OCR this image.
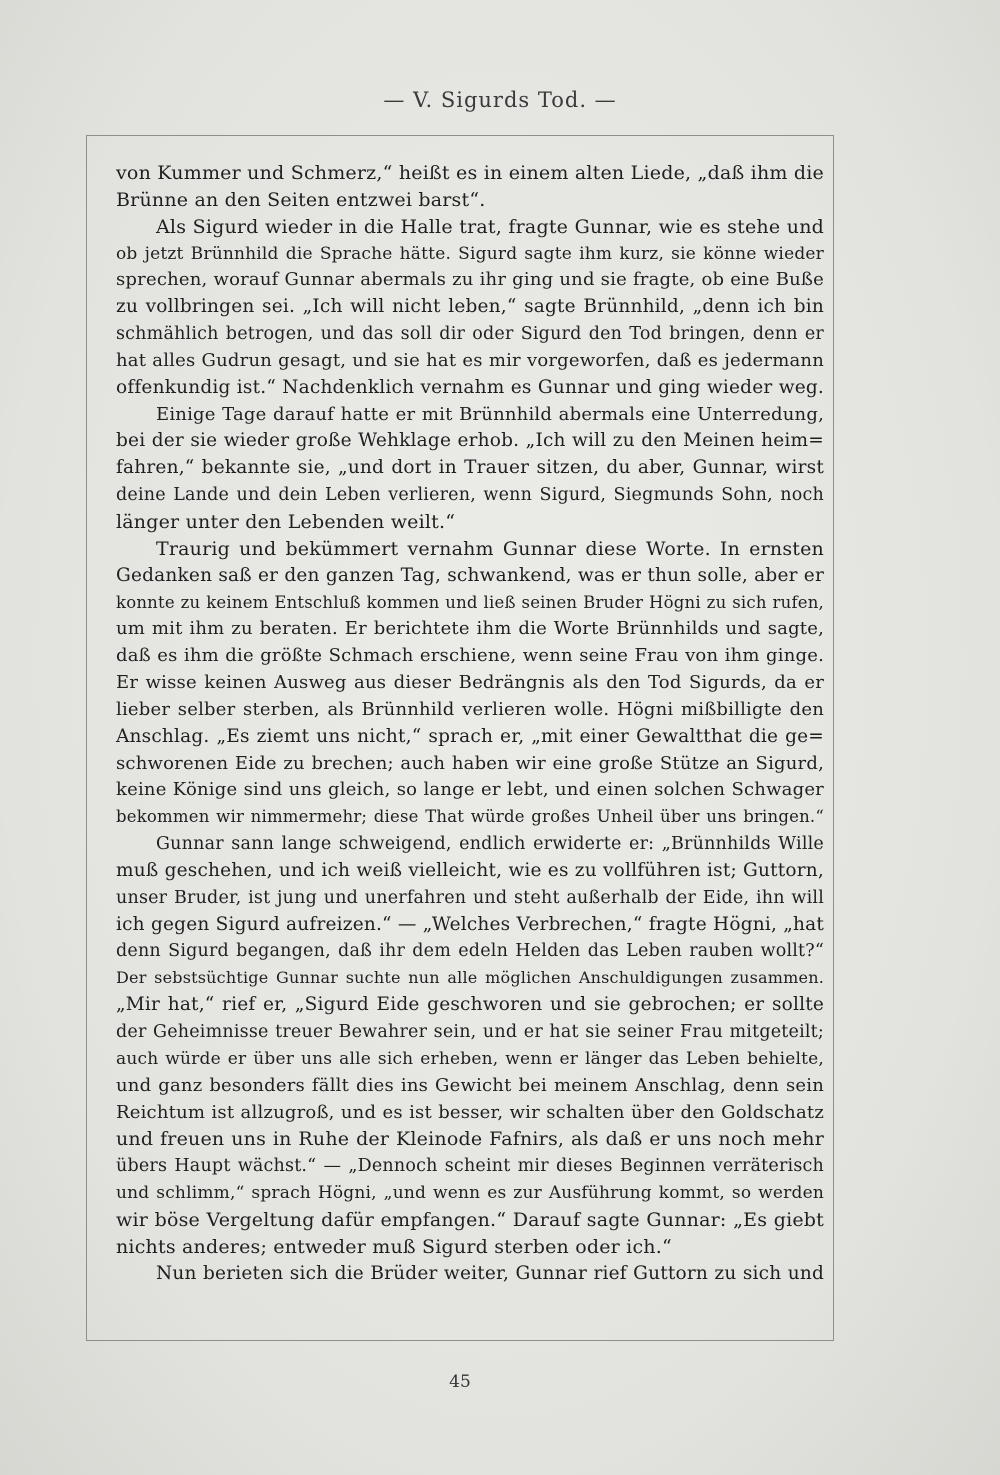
— V. Sigurds Tod. —
von Kummer und Schmerz,“ heißt es in einem alten Liede, „daß ihm die
Brünne an den Seiten entzwei barst“.
Als Sigurd wieder in die Halle trat, fragte Gunnar, wie es stehe und
ob jetzt Brünnhild die Sprache hätte. Sigurd sagte ihm kurz, sie könne wieder
sprechen, worauf Gunnar abermals zu ihr ging und sie fragte, ob eine Buße
zu vollbringen sei. „Ich will nicht leben,“ sagte Brünnhild, „denn ich bin
schmählich betrogen, und das soll dir oder Sigurd den Tod bringen, denn er
hat alles Gudrun gesagt, und sie hat es mir vorgeworfen, daß es jedermann
offenkundig ist.“ Nachdenklich vernahm es Gunnar und ging wieder weg.
Einige Tage darauf hatte er mit Brünnhild abermals eine Unterredung,
bei der sie wieder große Wehklage erhob. „Ich will zu den Meinen heim=
fahren,“ bekannte sie, „und dort in Trauer sitzen, du aber, Gunnar, wirst
deine Lande und dein Leben verlieren, wenn Sigurd, Siegmunds Sohn, noch
länger unter den Lebenden weilt.“
Traurig und bekümmert vernahm Gunnar diese Worte. In ernsten
Gedanken saß er den ganzen Tag, schwankend, was er thun solle, aber er
konnte zu keinem Entschluß kommen und ließ seinen Bruder Högni zu sich rufen,
um mit ihm zu beraten. Er berichtete ihm die Worte Brünnhilds und sagte,
daß es ihm die größte Schmach erschiene, wenn seine Frau von ihm ginge.
Er wisse keinen Ausweg aus dieser Bedrängnis als den Tod Sigurds, da er
lieber selber sterben, als Brünnhild verlieren wolle. Högni mißbilligte den
Anschlag. „Es ziemt uns nicht,“ sprach er, „mit einer Gewaltthat die ge=
schworenen Eide zu brechen; auch haben wir eine große Stütze an Sigurd,
keine Könige sind uns gleich, so lange er lebt, und einen solchen Schwager
bekommen wir nimmermehr; diese That würde großes Unheil über uns bringen.“
Gunnar sann lange schweigend, endlich erwiderte er: „Brünnhilds Wille
muß geschehen, und ich weiß vielleicht, wie es zu vollführen ist; Guttorn,
unser Bruder, ist jung und unerfahren und steht außerhalb der Eide, ihn will
ich gegen Sigurd aufreizen.“ — „Welches Verbrechen,“ fragte Högni, „hat
denn Sigurd begangen, daß ihr dem edeln Helden das Leben rauben wollt?“
Der sebstsüchtige Gunnar suchte nun alle möglichen Anschuldigungen zusammen.
„Mir hat,“ rief er, „Sigurd Eide geschworen und sie gebrochen; er sollte
der Geheimnisse treuer Bewahrer sein, und er hat sie seiner Frau mitgeteilt;
auch würde er über uns alle sich erheben, wenn er länger das Leben behielte,
und ganz besonders fällt dies ins Gewicht bei meinem Anschlag, denn sein
Reichtum ist allzugroß, und es ist besser, wir schalten über den Goldschatz
und freuen uns in Ruhe der Kleinode Fafnirs, als daß er uns noch mehr
übers Haupt wächst.“ — „Dennoch scheint mir dieses Beginnen verräterisch
und schlimm,“ sprach Högni, „und wenn es zur Ausführung kommt, so werden
wir böse Vergeltung dafür empfangen.“ Darauf sagte Gunnar: „Es giebt
nichts anderes; entweder muß Sigurd sterben oder ich.“
Nun berieten sich die Brüder weiter, Gunnar rief Guttorn zu sich und
45
